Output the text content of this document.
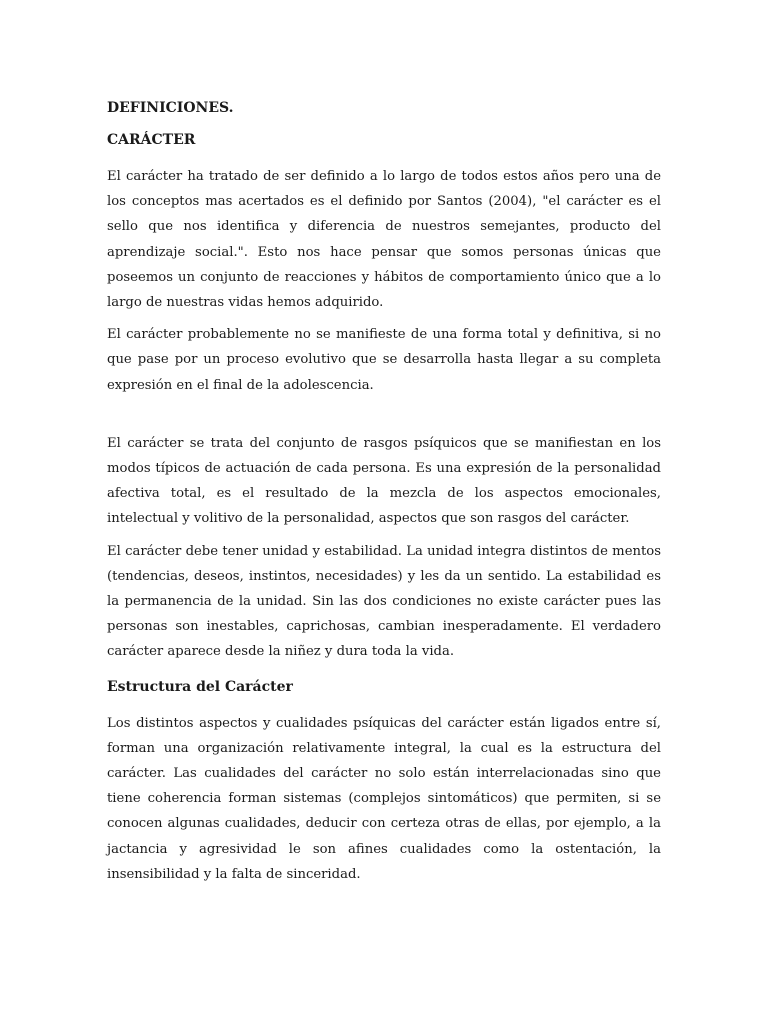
DEFINICIONES.

CARÁCTER

El carácter ha tratado de ser definido a lo largo de todos estos años pero una de los conceptos mas acertados es el definido por Santos (2004), "el carácter es el sello que nos identifica y diferencia de nuestros semejantes, producto del aprendizaje social.". Esto nos hace pensar que somos personas únicas que poseemos un conjunto de reacciones y hábitos de comportamiento único que a lo largo de nuestras vidas hemos adquirido.

El carácter probablemente no se manifieste de una forma total y definitiva, si no que pase por un proceso evolutivo que se desarrolla hasta llegar a su completa expresión en el final de la adolescencia.

El carácter se trata del conjunto de rasgos psíquicos que se manifiestan en los modos típicos de actuación de cada persona. Es una expresión de la personalidad afectiva total, es el resultado de la mezcla de los aspectos emocionales, intelectual y volitivo de la personalidad, aspectos que son rasgos del carácter.

El carácter debe tener unidad y estabilidad. La unidad integra distintos de mentos (tendencias, deseos, instintos, necesidades) y les da un sentido. La estabilidad es la permanencia de la unidad. Sin las dos condiciones no existe carácter pues las personas son inestables, caprichosas, cambian inesperadamente. El verdadero carácter aparece desde la niñez y dura toda la vida.

Estructura del Carácter

Los distintos aspectos y cualidades psíquicas del carácter están ligados entre sí, forman una organización relativamente integral, la cual es la estructura del carácter. Las cualidades del carácter no solo están interrelacionadas sino que tiene coherencia forman sistemas (complejos sintomáticos) que permiten, si se conocen algunas cualidades, deducir con certeza otras de ellas, por ejemplo, a la jactancia y agresividad le son afines cualidades como la ostentación, la insensibilidad y la falta de sinceridad.
